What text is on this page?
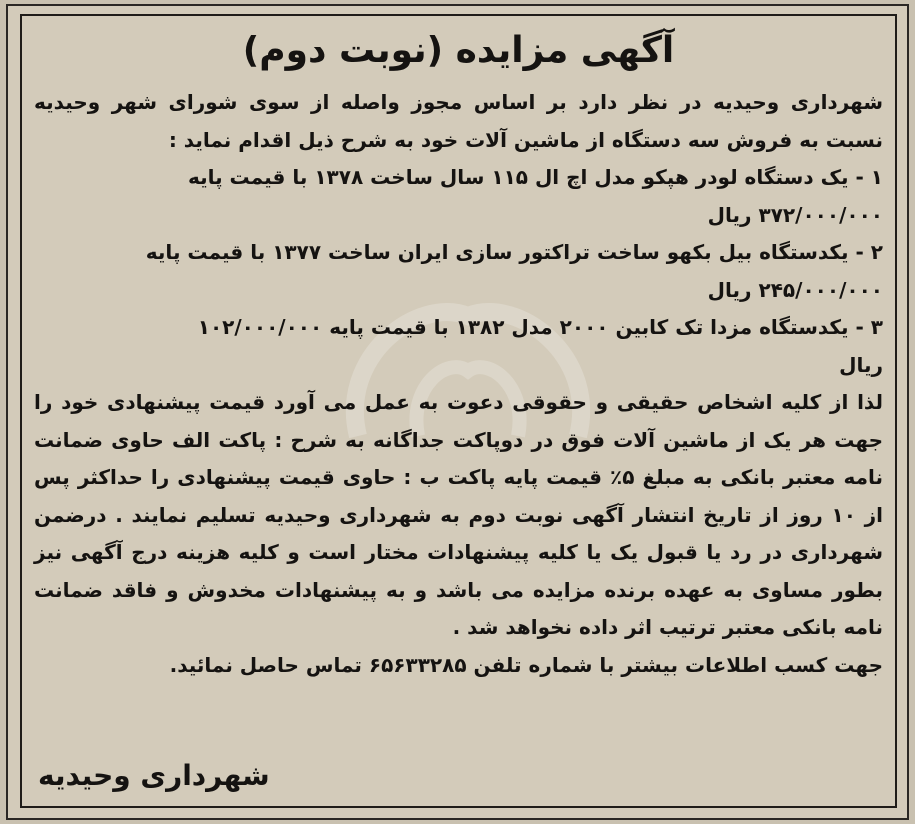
آگهی مزایده (نوبت دوم)

شهرداری وحیدیه در نظر دارد بر اساس مجوز واصله از سوی شورای شهر وحیدیه نسبت به فروش سه دستگاه از ماشین آلات خود به شرح ذیل اقدام نماید :

۱ - یک دستگاه لودر هپکو مدل اچ ال ۱۱۵ سال ساخت ۱۳۷۸ با قیمت پایه
۳۷۲/۰۰۰/۰۰۰ ریال
۲ - یکدستگاه بیل بکهو ساخت تراکتور سازی ایران ساخت ۱۳۷۷ با قیمت پایه
۲۴۵/۰۰۰/۰۰۰ ریال
۳ - یکدستگاه مزدا تک کابین ۲۰۰۰ مدل ۱۳۸۲ با قیمت پایه ۱۰۲/۰۰۰/۰۰۰
ریال

لذا از کلیه اشخاص حقیقی و حقوقی دعوت به عمل می آورد قیمت پیشنهادی خود را جهت هر یک از ماشین آلات فوق در دوپاکت جداگانه به شرح : پاکت الف حاوی ضمانت نامه معتبر بانکی به مبلغ ۵٪ قیمت پایه پاکت ب : حاوی قیمت پیشنهادی را حداکثر پس از ۱۰ روز از تاریخ انتشار آگهی نوبت دوم به شهرداری وحیدیه تسلیم نمایند . درضمن شهرداری در رد یا قبول یک یا کلیه پیشنهادات مختار است و کلیه هزینه درج آگهی نیز بطور مساوی به عهده برنده مزایده می باشد و به پیشنهادات مخدوش و فاقد ضمانت نامه بانکی معتبر ترتیب اثر داده نخواهد شد .

جهت کسب اطلاعات بیشتر با شماره تلفن ۶۵۶۳۳۲۸۵ تماس حاصل نمائید.

شهرداری وحیدیه
